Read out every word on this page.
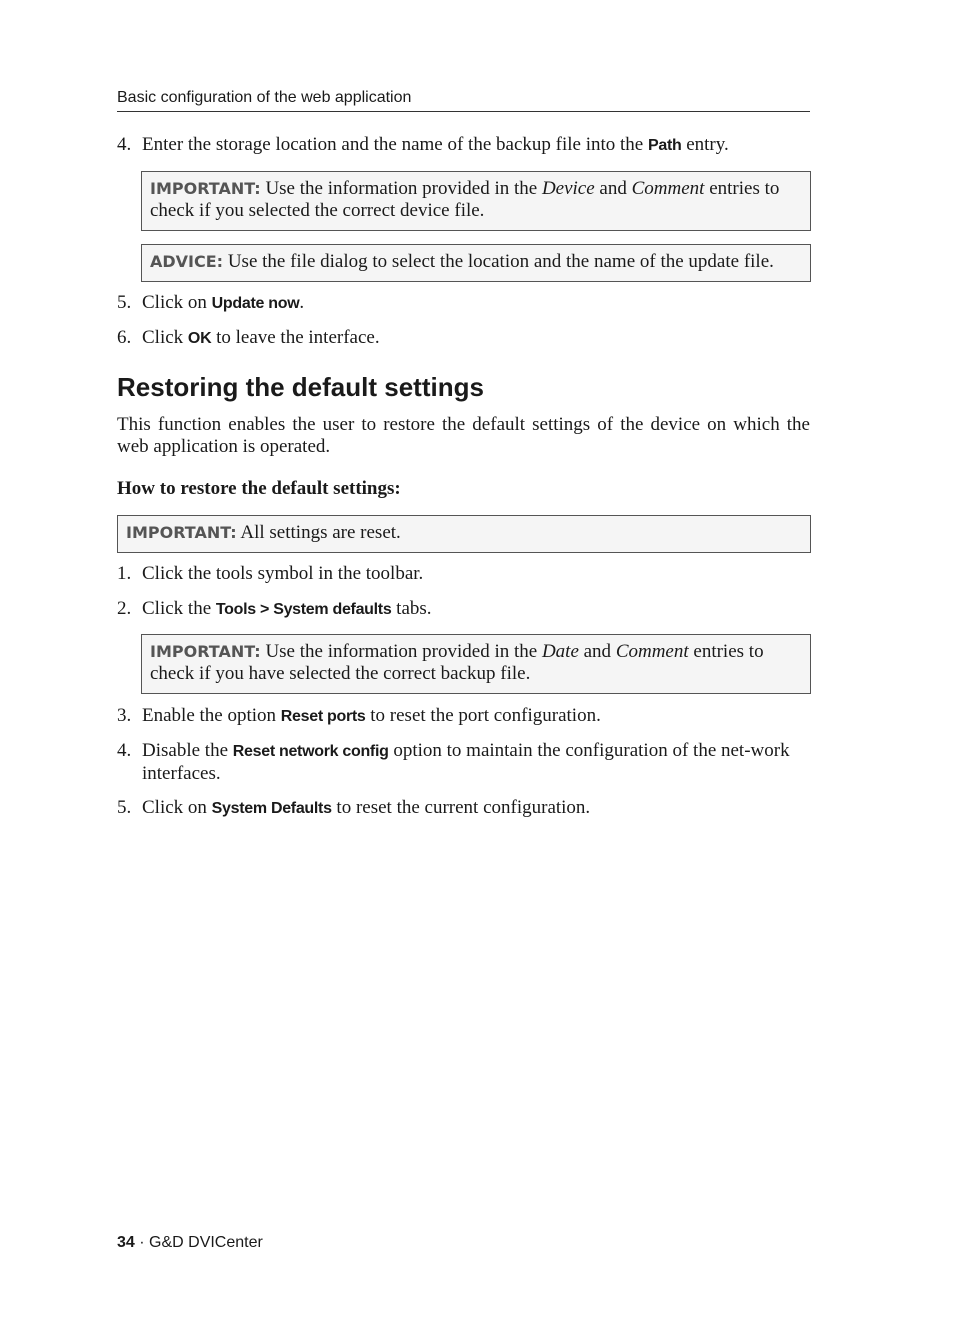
Basic configuration of the web application
4. Enter the storage location and the name of the backup file into the Path entry.
IMPORTANT: Use the information provided in the Device and Comment entries to check if you selected the correct device file.
ADVICE: Use the file dialog to select the location and the name of the update file.
5. Click on Update now.
6. Click OK to leave the interface.
Restoring the default settings
This function enables the user to restore the default settings of the device on which the web application is operated.
How to restore the default settings:
IMPORTANT: All settings are reset.
1. Click the tools symbol in the toolbar.
2. Click the Tools > System defaults tabs.
IMPORTANT: Use the information provided in the Date and Comment entries to check if you have selected the correct backup file.
3. Enable the option Reset ports to reset the port configuration.
4. Disable the Reset network config option to maintain the configuration of the net-work interfaces.
5. Click on System Defaults to reset the current configuration.
34 · G&D DVICenter
